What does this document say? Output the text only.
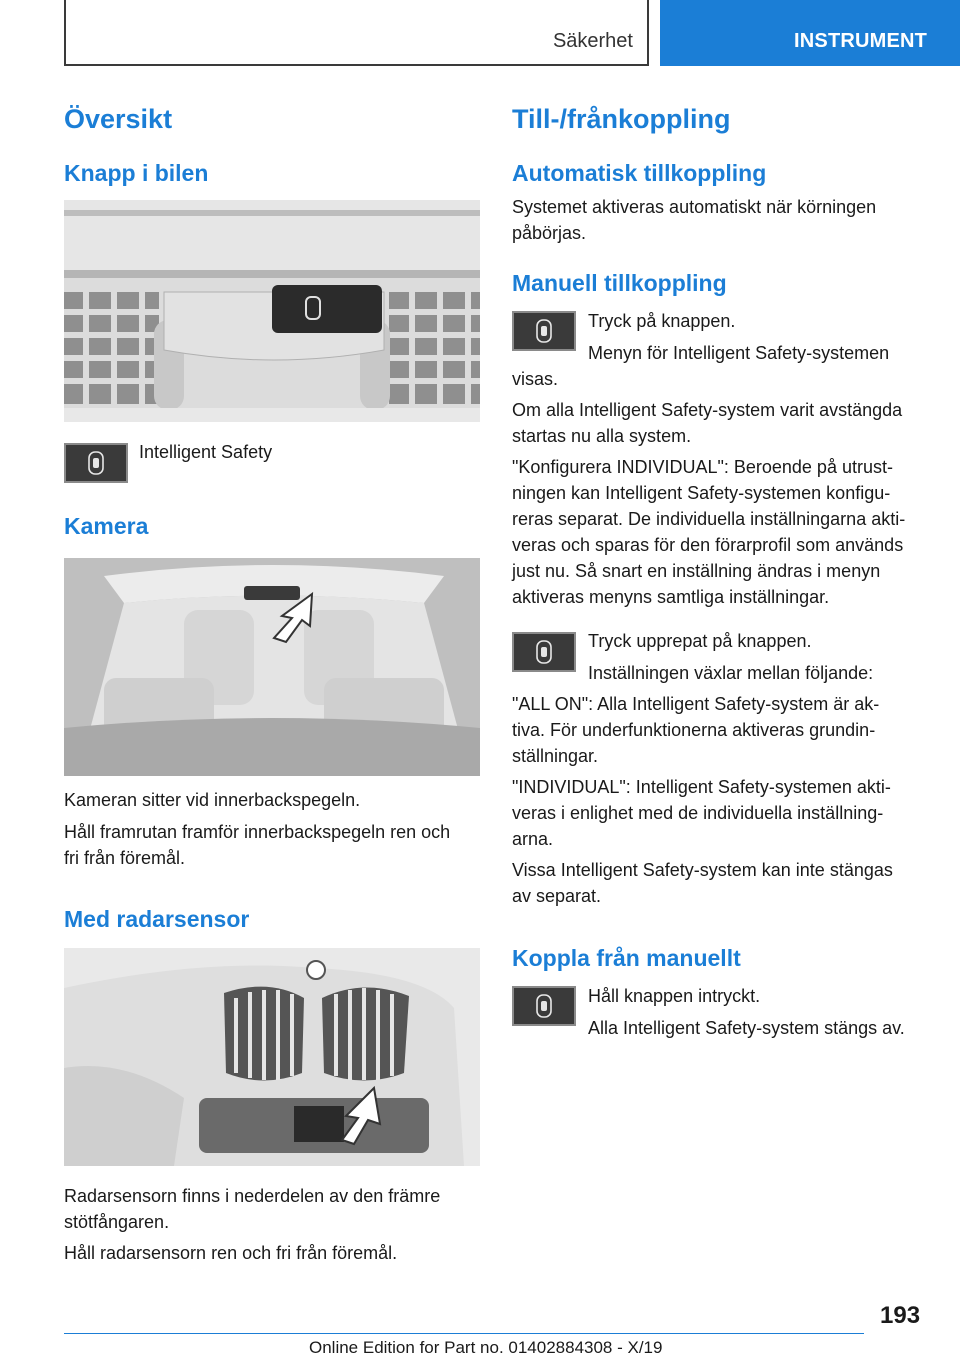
Säkerhet	INSTRUMENT
Översikt
Knapp i bilen
Intelligent Safety
Kamera
Kameran sitter vid innerbackspegeln.
Håll framrutan framför innerbackspegeln ren och
fri från föremål.
Med radarsensor
Radarsensorn finns i nederdelen av den främre
stötfångaren.
Håll radarsensorn ren och fri från föremål.
Till-/frånkoppling
Automatisk tillkoppling
Systemet aktiveras automatiskt när körningen
påbörjas.
Manuell tillkoppling
Tryck på knappen.
Menyn för Intelligent Safety-systemen
visas.
Om alla Intelligent Safety-system varit avstängda
startas nu alla system.
"Konfigurera INDIVIDUAL": Beroende på utrust-
ningen kan Intelligent Safety-systemen konfigu-
reras separat. De individuella inställningarna akti-
veras och sparas för den förarprofil som används
just nu. Så snart en inställning ändras i menyn
aktiveras menyns samtliga inställningar.
Tryck upprepat på knappen.
Inställningen växlar mellan följande:
"ALL ON": Alla Intelligent Safety-system är ak-
tiva. För underfunktionerna aktiveras grundin-
ställningar.
"INDIVIDUAL": Intelligent Safety-systemen akti-
veras i enlighet med de individuella inställning-
arna.
Vissa Intelligent Safety-system kan inte stängas
av separat.
Koppla från manuellt
Håll knappen intryckt.
Alla Intelligent Safety-system stängs av.
193
Online Edition for Part no. 01402884308 - X/19
